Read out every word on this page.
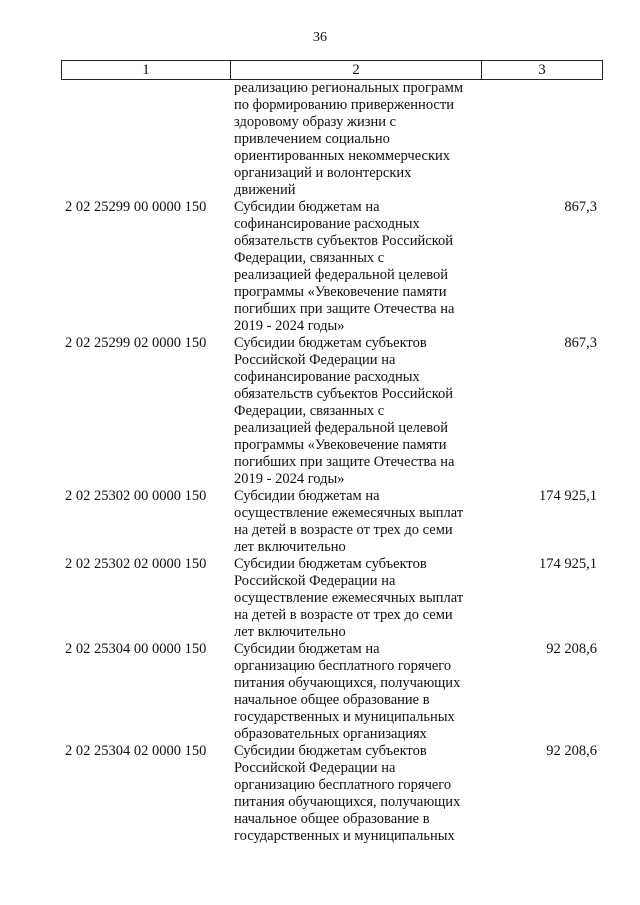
36
1	2	3
реализацию региональных программ
по формированию приверженности
здоровому образу жизни с
привлечением социально
ориентированных некоммерческих
организаций и волонтерских
движений
2 02 25299 00 0000 150	Субсидии бюджетам на
софинансирование расходных
обязательств субъектов Российской
Федерации, связанных с
реализацией федеральной целевой
программы «Увековечение памяти
погибших при защите Отечества на
2019 - 2024 годы»
867,3
2 02 25299 02 0000 150	Субсидии бюджетам субъектов
Российской Федерации на
софинансирование расходных
обязательств субъектов Российской
Федерации, связанных с
реализацией федеральной целевой
программы «Увековечение памяти
погибших при защите Отечества на
2019 - 2024 годы»
867,3
2 02 25302 00 0000 150	Субсидии бюджетам на
осуществление ежемесячных выплат
на детей в возрасте от трех до семи
лет включительно
174 925,1
2 02 25302 02 0000 150	Субсидии бюджетам субъектов
Российской Федерации на
осуществление ежемесячных выплат
на детей в возрасте от трех до семи
лет включительно
174 925,1
2 02 25304 00 0000 150	Субсидии бюджетам на
организацию бесплатного горячего
питания обучающихся, получающих
начальное общее образование в
государственных и муниципальных
образовательных организациях
92 208,6
2 02 25304 02 0000 150	Субсидии бюджетам субъектов
Российской Федерации на
организацию бесплатного горячего
питания обучающихся, получающих
начальное общее образование в
государственных и муниципальных
92 208,6
